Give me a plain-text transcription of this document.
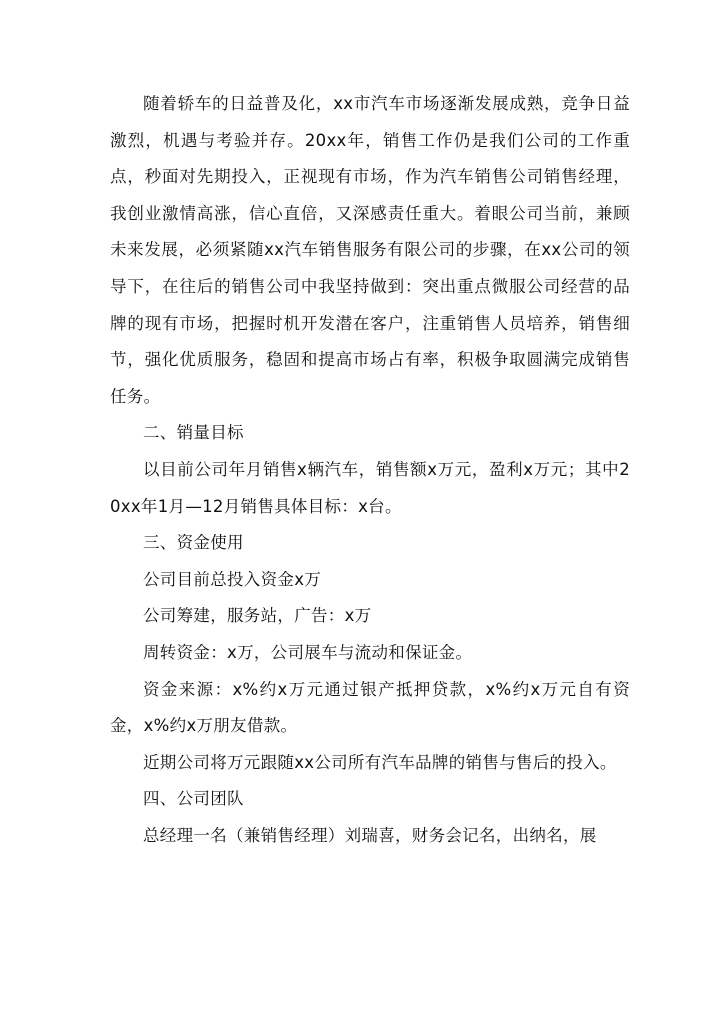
随着轿车的日益普及化，xx市汽车市场逐渐发展成熟，竞争日益激烈，机遇与考验并存。20xx年，销售工作仍是我们公司的工作重点，秒面对先期投入，正视现有市场，作为汽车销售公司销售经理，我创业激情高涨，信心直倍，又深感责任重大。着眼公司当前，兼顾未来发展，必须紧随xx汽车销售服务有限公司的步骤，在xx公司的领导下，在往后的销售公司中我坚持做到：突出重点微服公司经营的品牌的现有市场，把握时机开发潜在客户，注重销售人员培养，销售细节，强化优质服务，稳固和提高市场占有率，积极争取圆满完成销售任务。

二、销量目标

以目前公司年月销售x辆汽车，销售额x万元，盈利x万元；其中20xx年1月—12月销售具体目标：x台。

三、资金使用

公司目前总投入资金x万

公司筹建，服务站，广告：x万

周转资金：x万，公司展车与流动和保证金。

资金来源：x%约x万元通过银产抵押贷款，x%约x万元自有资金，x%约x万朋友借款。

近期公司将万元跟随xx公司所有汽车品牌的销售与售后的投入。

四、公司团队

总经理一名（兼销售经理）刘瑞喜，财务会记名，出纳名，展
